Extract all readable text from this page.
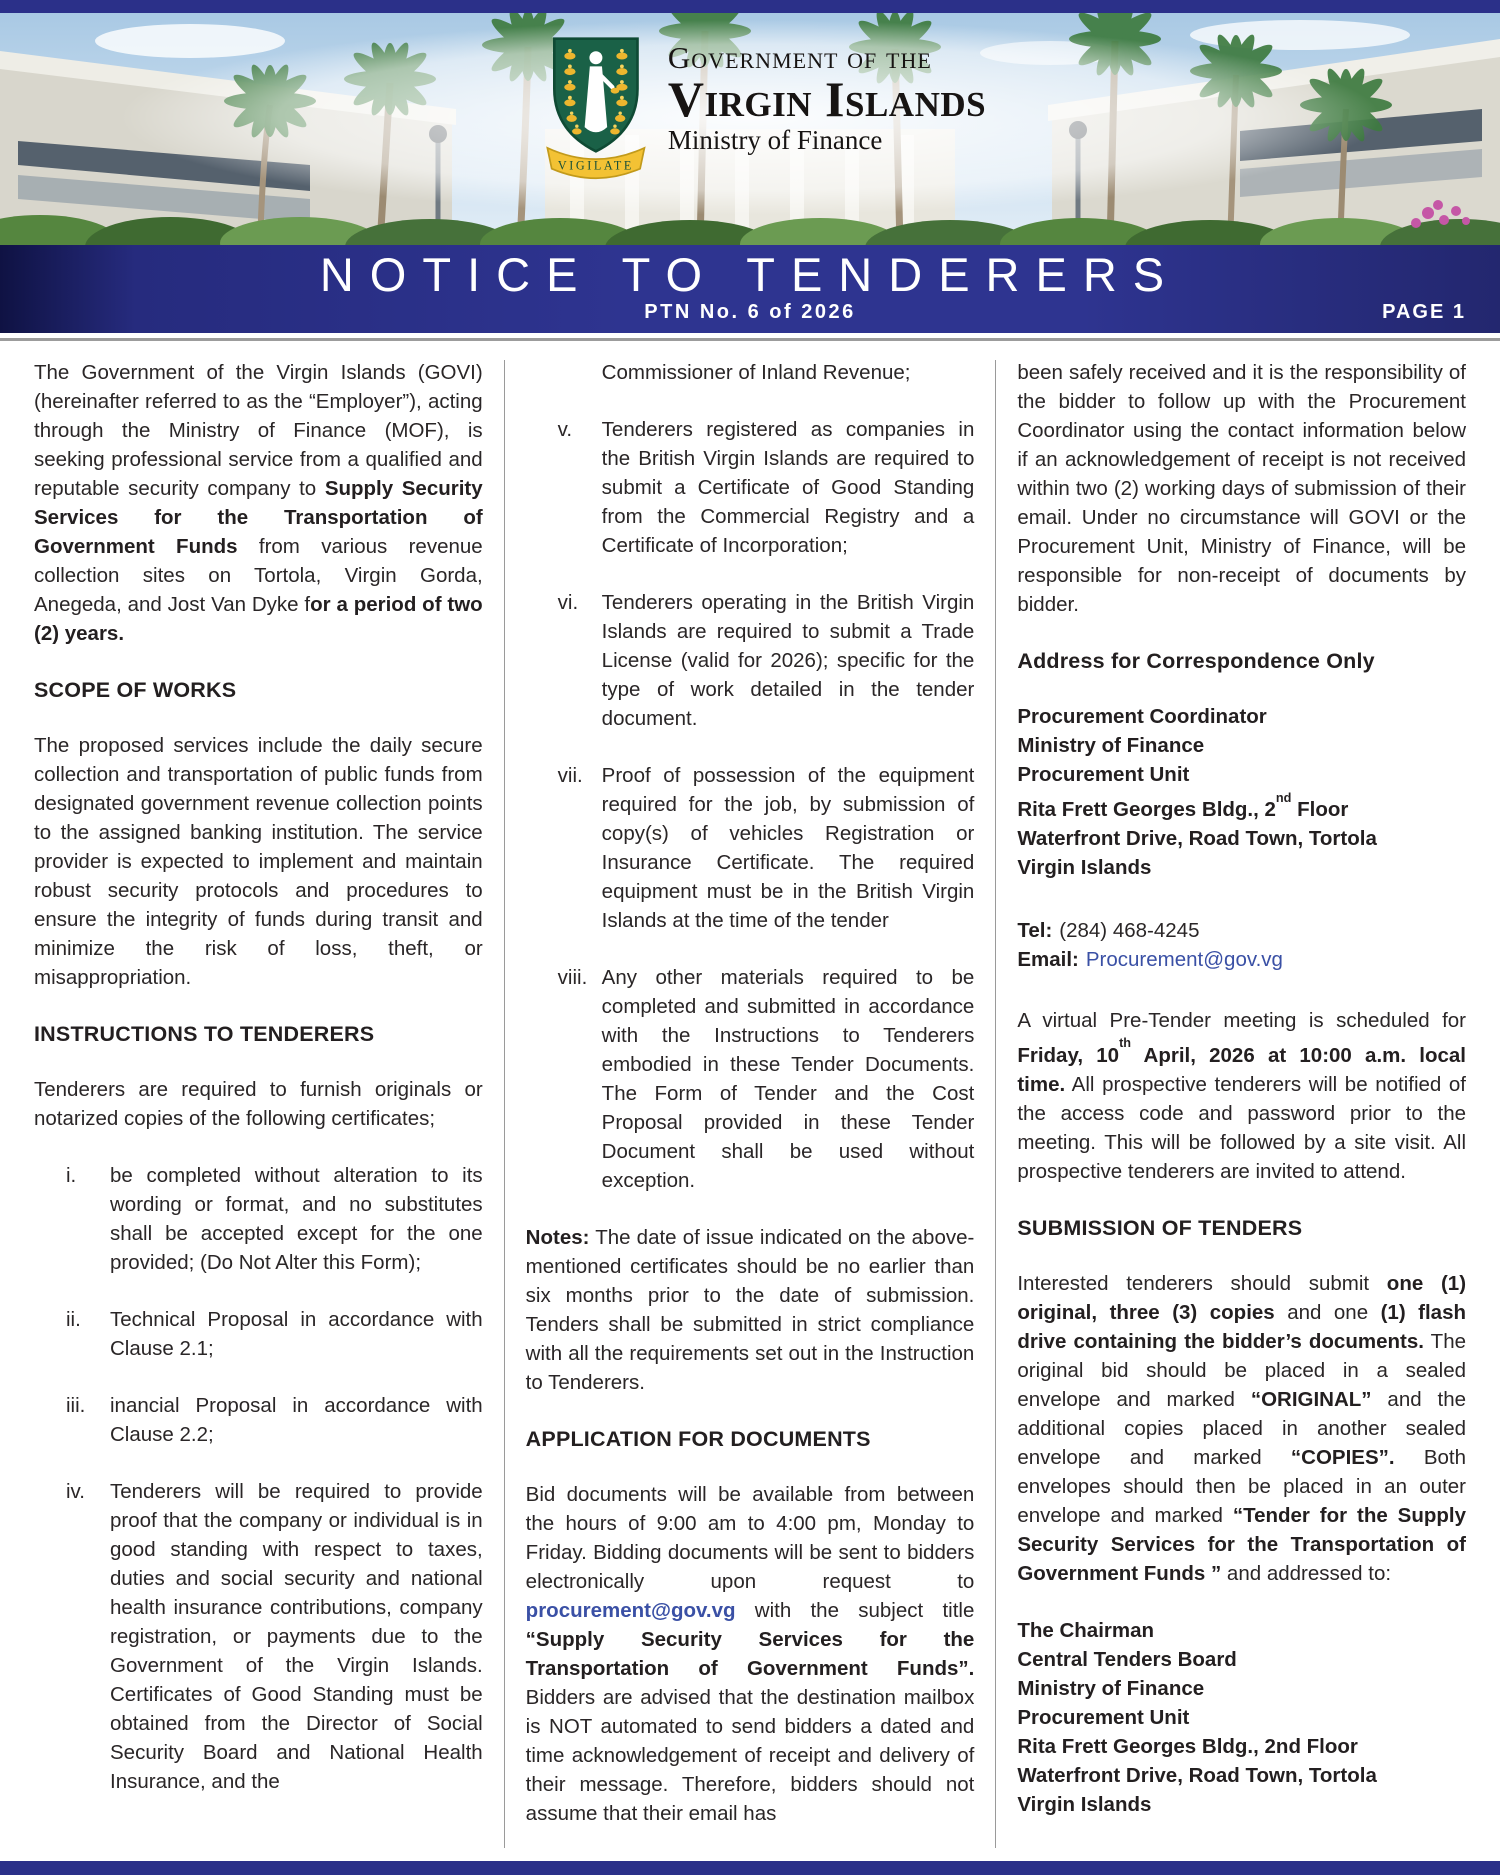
VIGILATE
Government of the
Virgin Islands
Ministry of Finance
NOTICE TO TENDERERS
PTN No. 6 of 2026	PAGE 1

The Government of the Virgin Islands (GOVI) (hereinafter referred to as the “Employer”), acting through the Ministry of Finance (MOF), is seeking professional service from a qualified and reputable security company to Supply Security Services for the Transportation of Government Funds from various revenue collection sites on Tortola, Virgin Gorda, Anegeda, and Jost Van Dyke for a period of two (2) years.

SCOPE OF WORKS

The proposed services include the daily secure collection and transportation of public funds from designated government revenue collection points to the assigned banking institution. The service provider is expected to implement and maintain robust security protocols and procedures to ensure the integrity of funds during transit and minimize the risk of loss, theft, or misappropriation.

INSTRUCTIONS TO TENDERERS

Tenderers are required to furnish originals or notarized copies of the following certificates;

i.	be completed without alteration to its wording or format, and no substitutes shall be accepted except for the one provided; (Do Not Alter this Form);
ii.	Technical Proposal in accordance with Clause 2.1;
iii.	inancial Proposal in accordance with Clause 2.2;
iv.	Tenderers will be required to provide proof that the company or individual is in good standing with respect to taxes, duties and social security and national health insurance contributions, company registration, or payments due to the Government of the Virgin Islands. Certificates of Good Standing must be obtained from the Director of Social Security Board and National Health Insurance, and the

Commissioner of Inland Revenue;

v.	Tenderers registered as companies in the British Virgin Islands are required to submit a Certificate of Good Standing from the Commercial Registry and a Certificate of Incorporation;
vi.	Tenderers operating in the British Virgin Islands are required to submit a Trade License (valid for 2026); specific for the type of work detailed in the tender document.
vii. Proof of possession of the equipment required for the job, by submission of copy(s) of vehicles Registration or Insurance Certificate. The required equipment must be in the British Virgin Islands at the time of the tender
viii. Any other materials required to be completed and submitted in accordance with the Instructions to Tenderers embodied in these Tender Documents. The Form of Tender and the Cost Proposal provided in these Tender Document shall be used without exception.

Notes: The date of issue indicated on the above-mentioned certificates should be no earlier than six months prior to the date of submission. Tenders shall be submitted in strict compliance with all the requirements set out in the Instruction to Tenderers.

APPLICATION FOR DOCUMENTS

Bid documents will be available from between the hours of 9:00 am to 4:00 pm, Monday to Friday. Bidding documents will be sent to bidders electronically upon request to procurement@gov.vg with the subject title “Supply Security Services for the Transportation of Government Funds”. Bidders are advised that the destination mailbox is NOT automated to send bidders a dated and time acknowledgement of receipt and delivery of their message. Therefore, bidders should not assume that their email has

been safely received and it is the responsibility of the bidder to follow up with the Procurement Coordinator using the contact information below if an acknowledgement of receipt is not received within two (2) working days of submission of their email. Under no circumstance will GOVI or the Procurement Unit, Ministry of Finance, will be responsible for non-receipt of documents by bidder.

Address for Correspondence Only
Procurement Coordinator
Ministry of Finance
Procurement Unit
Rita Frett Georges Bldg., 2nd Floor
Waterfront Drive, Road Town, Tortola
Virgin Islands

Tel: (284) 468-4245

Email: Procurement@gov.vg

A virtual Pre-Tender meeting is scheduled for Friday, 10th April, 2026 at 10:00 a.m. local time. All prospective tenderers will be notified of the access code and password prior to the meeting. This will be followed by a site visit. All prospective tenderers are invited to attend.

SUBMISSION OF TENDERS

Interested tenderers should submit one (1) original, three (3) copies and one (1) flash drive containing the bidder’s documents. The original bid should be placed in a sealed envelope and marked “ORIGINAL” and the additional copies placed in another sealed envelope and marked “COPIES”. Both envelopes should then be placed in an outer envelope and marked “Tender for the Supply Security Services for the Transportation of Government Funds ” and addressed to:

The Chairman
Central Tenders Board
Ministry of Finance
Procurement Unit
Rita Frett Georges Bldg., 2nd Floor
Waterfront Drive, Road Town, Tortola
Virgin Islands
